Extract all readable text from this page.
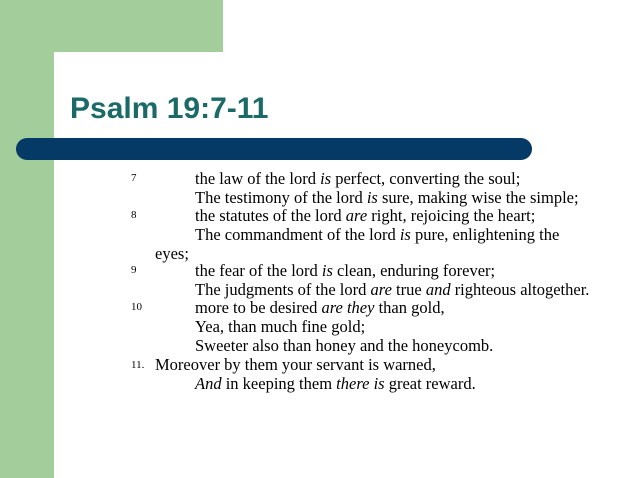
Psalm 19:7-11
7	the law of the lord is perfect, converting the soul;
The testimony of the lord is sure, making wise the simple;
8	the statutes of the lord are right, rejoicing the heart;
The commandment of the lord is pure, enlightening the
eyes;
9	the fear of the lord is clean, enduring forever;
The judgments of the lord are true and righteous altogether.
10	more to be desired are they than gold,
Yea, than much fine gold;
Sweeter also than honey and the honeycomb.
11. Moreover by them your servant is warned,
And in keeping them there is great reward.
